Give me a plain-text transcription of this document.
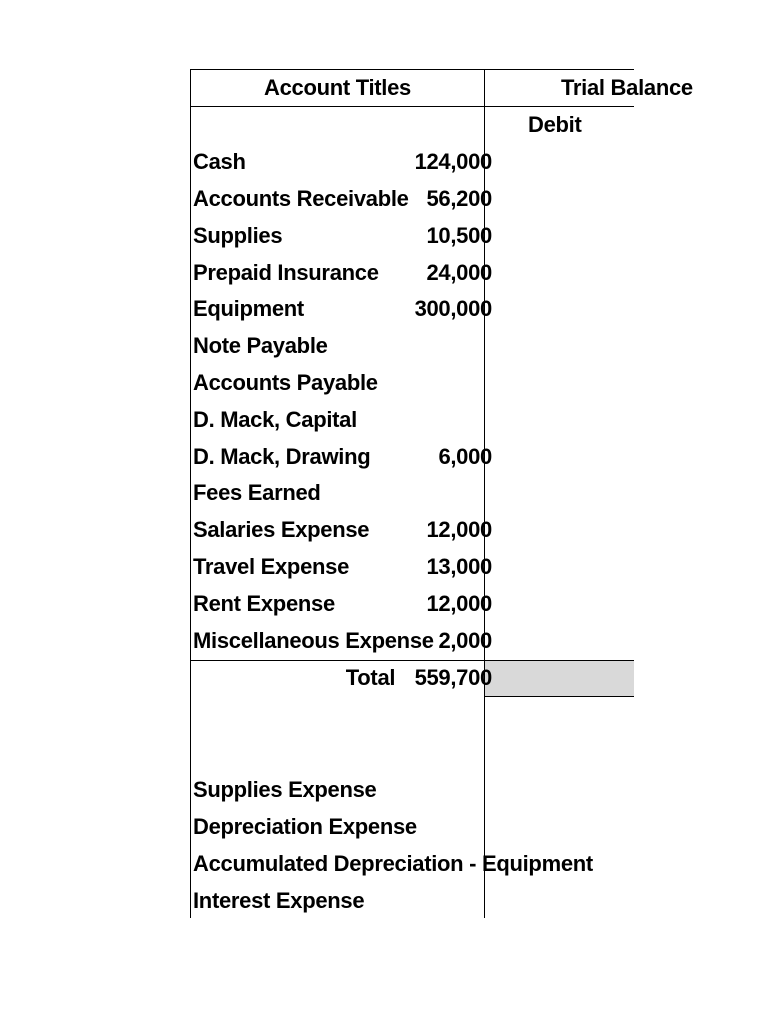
Account Titles	Trial Balance
Debit
Cash	124,000
Accounts Receivable 56,200
Supplies	10,500
Prepaid Insurance 24,000
Equipment	300,000
Note Payable
Accounts Payable
D. Mack, Capital
D. Mack, Drawing	6,000
Fees Earned
Salaries Expense	12,000
Travel Expense	13,000
Rent Expense	12,000
Miscellaneous Expense 2,000
Total 559,700
Supplies Expense
Depreciation Expense
Accumulated Depreciation - Equipment
Interest Expense
